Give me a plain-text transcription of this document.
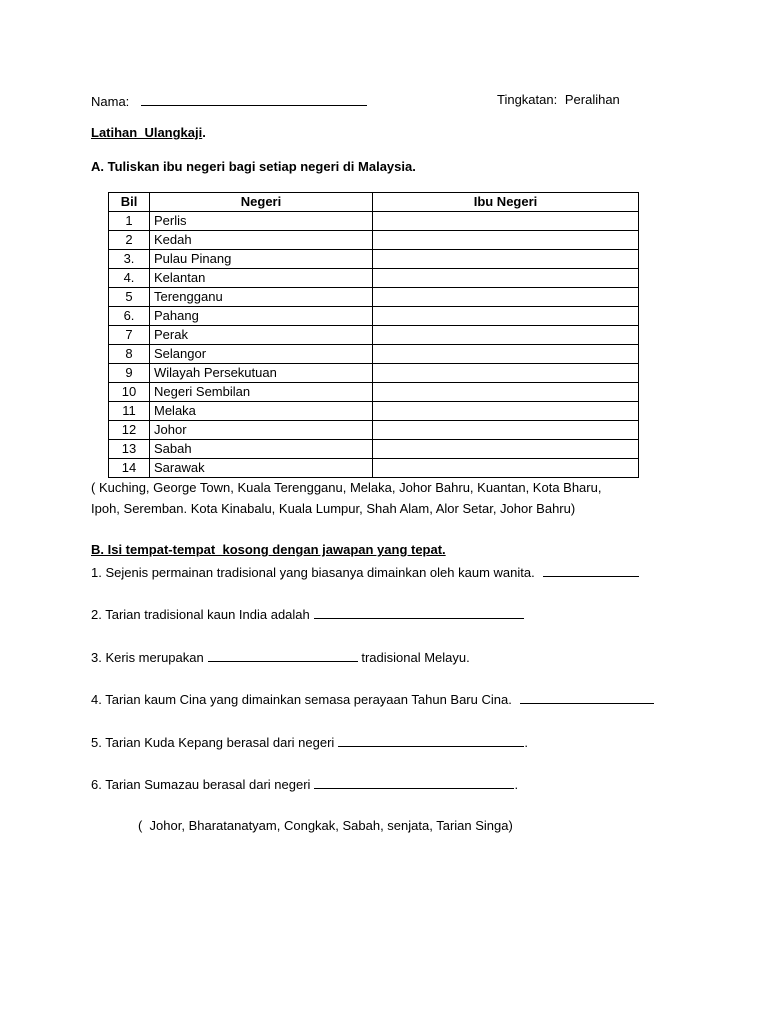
Nama:	Tingkatan: Peralihan
Latihan  Ulangkaji.
A. Tuliskan ibu negeri bagi setiap negeri di Malaysia.
Bil	Negeri	Ibu Negeri
1	Perlis	
2	Kedah	
3.	Pulau Pinang	
4.	Kelantan	
5	Terengganu	
6.	Pahang	
7	Perak	
8	Selangor	
9	Wilayah Persekutuan	
10	Negeri Sembilan	
11	Melaka	
12	Johor	
13	Sabah	
14	Sarawak	
( Kuching, George Town, Kuala Terengganu, Melaka, Johor Bahru, Kuantan, Kota Bharu,
Ipoh, Seremban. Kota Kinabalu, Kuala Lumpur, Shah Alam, Alor Setar, Johor Bahru)
B. Isi tempat-tempat  kosong dengan jawapan yang tepat.
1. Sejenis permainan tradisional yang biasanya dimainkan oleh kaum wanita.
2. Tarian tradisional kaun India adalah
3. Keris merupakan	tradisional Melayu.
4. Tarian kaum Cina yang dimainkan semasa perayaan Tahun Baru Cina.
5. Tarian Kuda Kepang berasal dari negeri	.
6. Tarian Sumazau berasal dari negeri	.
(  Johor, Bharatanatyam, Congkak, Sabah, senjata, Tarian Singa)
